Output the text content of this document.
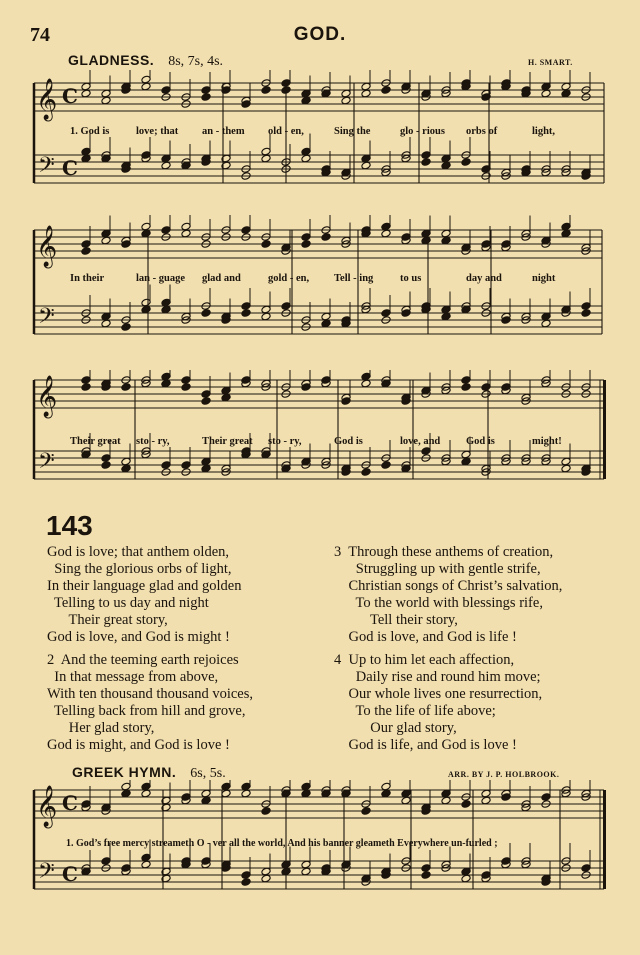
74	GOD.
GLADNESS. 8s, 7s, 4s.	H. SMART.
𝄞
𝄢
C
C
𝄞
𝄢
𝄞
𝄢
𝄞
𝄢
C
C
1. God is	love; that an - them old - en,	Sing the	glo - rious orbs of	light,
In their	lan - guage glad and	gold - en, Tell - ing	to us	day and	night
Their great sto - ry,	Their great sto - ry,	God is	love, and God is	might!
143
God is love; that anthem olden,
Sing the glorious orbs of light,
In their language glad and golden
Telling to us day and night
Their great story,
God is love, and God is might !
2  And the teeming earth rejoices
In that message from above,
With ten thousand thousand voices,
Telling back from hill and grove,
Her glad story,
God is might, and God is love !
3  Through these anthems of creation,
Struggling up with gentle strife,
Christian songs of Christ’s salvation,
To the world with blessings rife,
Tell their story,
God is love, and God is life !
4  Up to him let each affection,
Daily rise and round him move;
Our whole lives one resurrection,
To the life of life above;
Our glad story,
God is life, and God is love !
GREEK HYMN. 6s, 5s.	ARR. BY J. P. HOLBROOK.
1. God’s free mercy streameth O - ver all the world, And his banner gleameth Everywhere un-furled ;
